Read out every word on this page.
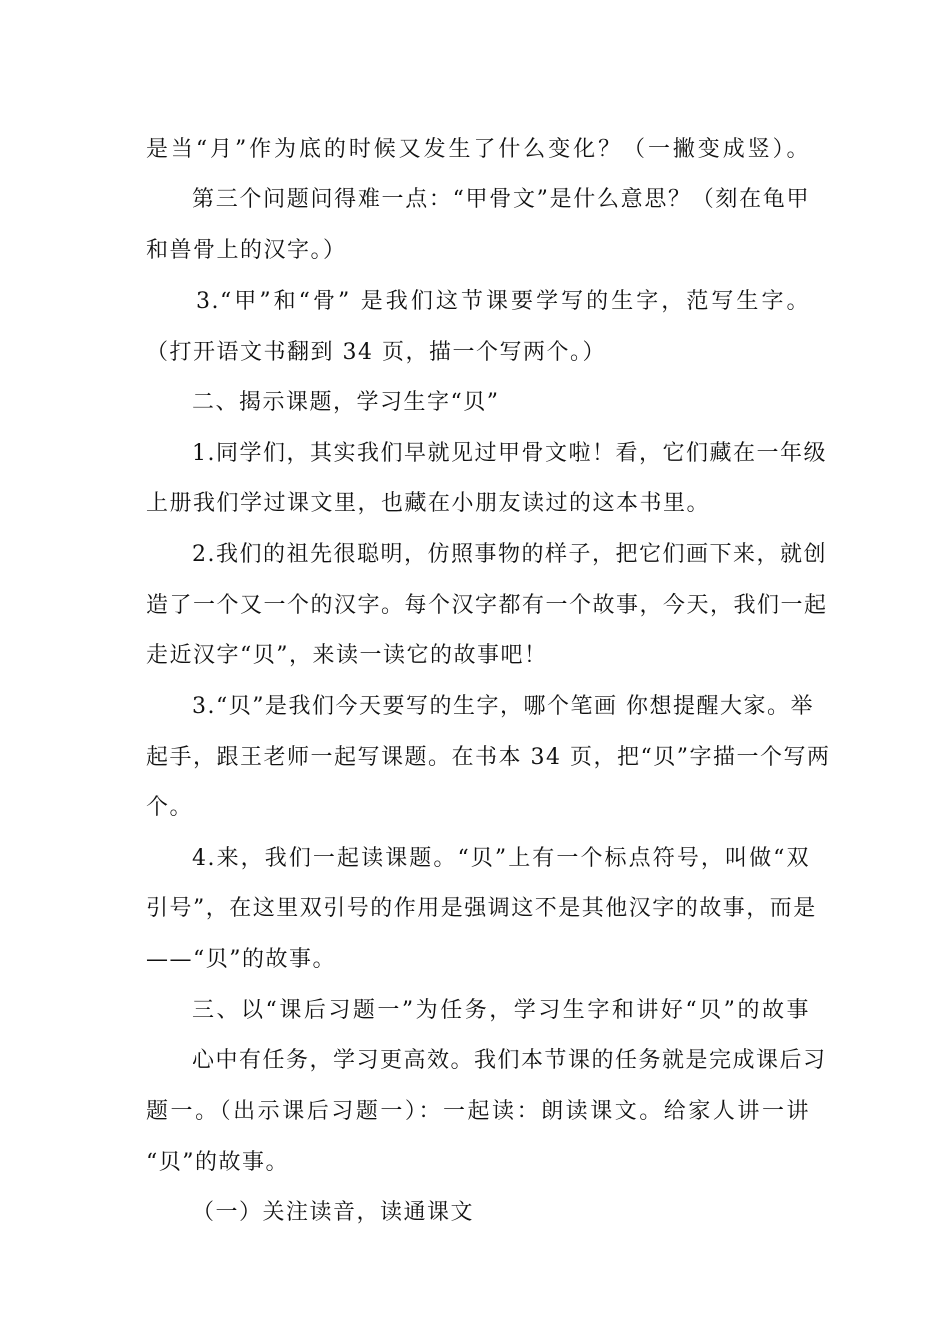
是当“月”作为底的时候又发生了什么变化？（一撇变成竖）。
第三个问题问得难一点：“甲骨文”是什么意思？（刻在龟甲
和兽骨上的汉字。）
3.“甲”和“骨” 是我们这节课要学写的生字，范写生字。
（打开语文书翻到 34 页，描一个写两个。）
二、揭示课题，学习生字“贝”
1.同学们，其实我们早就见过甲骨文啦！看，它们藏在一年级
上册我们学过课文里，也藏在小朋友读过的这本书里。
2.我们的祖先很聪明，仿照事物的样子，把它们画下来，就创
造了一个又一个的汉字。每个汉字都有一个故事，今天，我们一起
走近汉字“贝”，来读一读它的故事吧！
3.“贝”是我们今天要写的生字，哪个笔画 你想提醒大家。举
起手，跟王老师一起写课题。在书本 34 页，把“贝”字描一个写两
个。
4.来，我们一起读课题。“贝”上有一个标点符号，叫做“双
引号”，在这里双引号的作用是强调这不是其他汉字的故事，而是
——“贝”的故事。
三、以“课后习题一”为任务，学习生字和讲好“贝”的故事
心中有任务，学习更高效。我们本节课的任务就是完成课后习
题一。（出示课后习题一）：一起读：朗读课文。给家人讲一讲
“贝”的故事。
（一）关注读音，读通课文
